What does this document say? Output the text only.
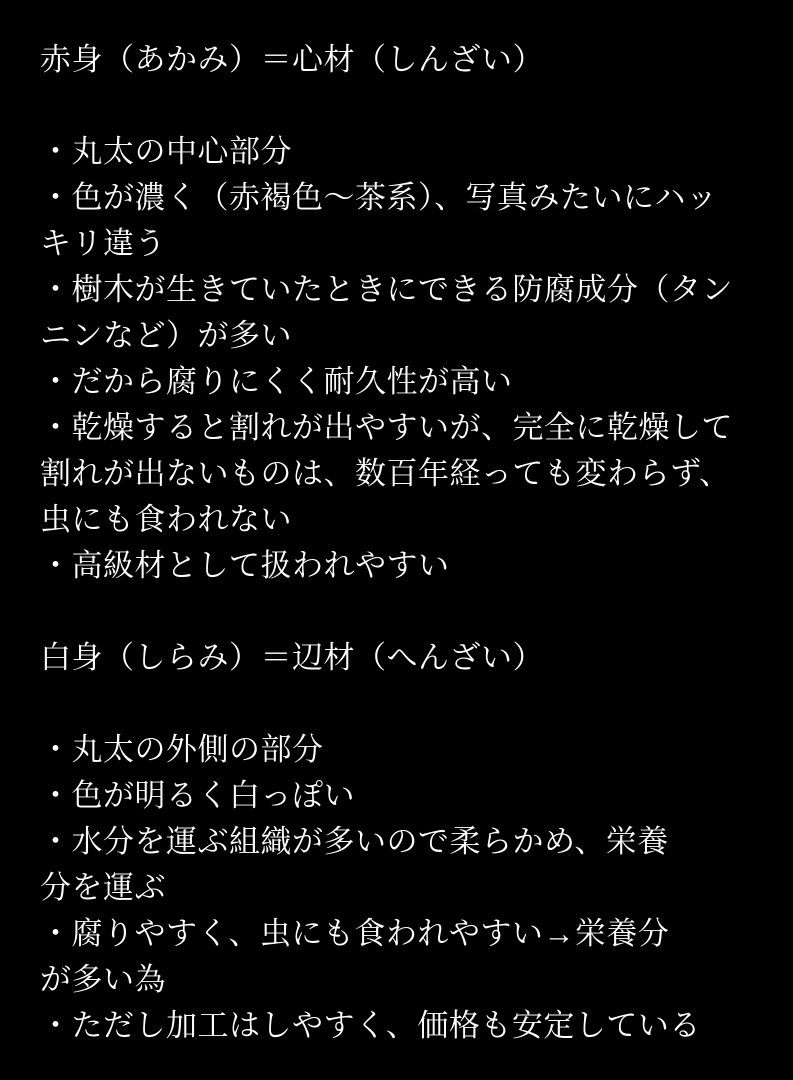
赤身（あかみ）＝心材（しんざい）
・丸太の中心部分
・色が濃く（赤褐色〜茶系）、写真みたいにハッ
キリ違う
・樹木が生きていたときにできる防腐成分（タン
ニンなど）が多い
・だから腐りにくく耐久性が高い
・乾燥すると割れが出やすいが、完全に乾燥して
割れが出ないものは、数百年経っても変わらず、
虫にも食われない
・高級材として扱われやすい
白身（しらみ）＝辺材（へんざい）
・丸太の外側の部分
・色が明るく白っぽい
・水分を運ぶ組織が多いので柔らかめ、栄養
分を運ぶ
・腐りやすく、虫にも食われやすい→栄養分
が多い為
・ただし加工はしやすく、価格も安定している
